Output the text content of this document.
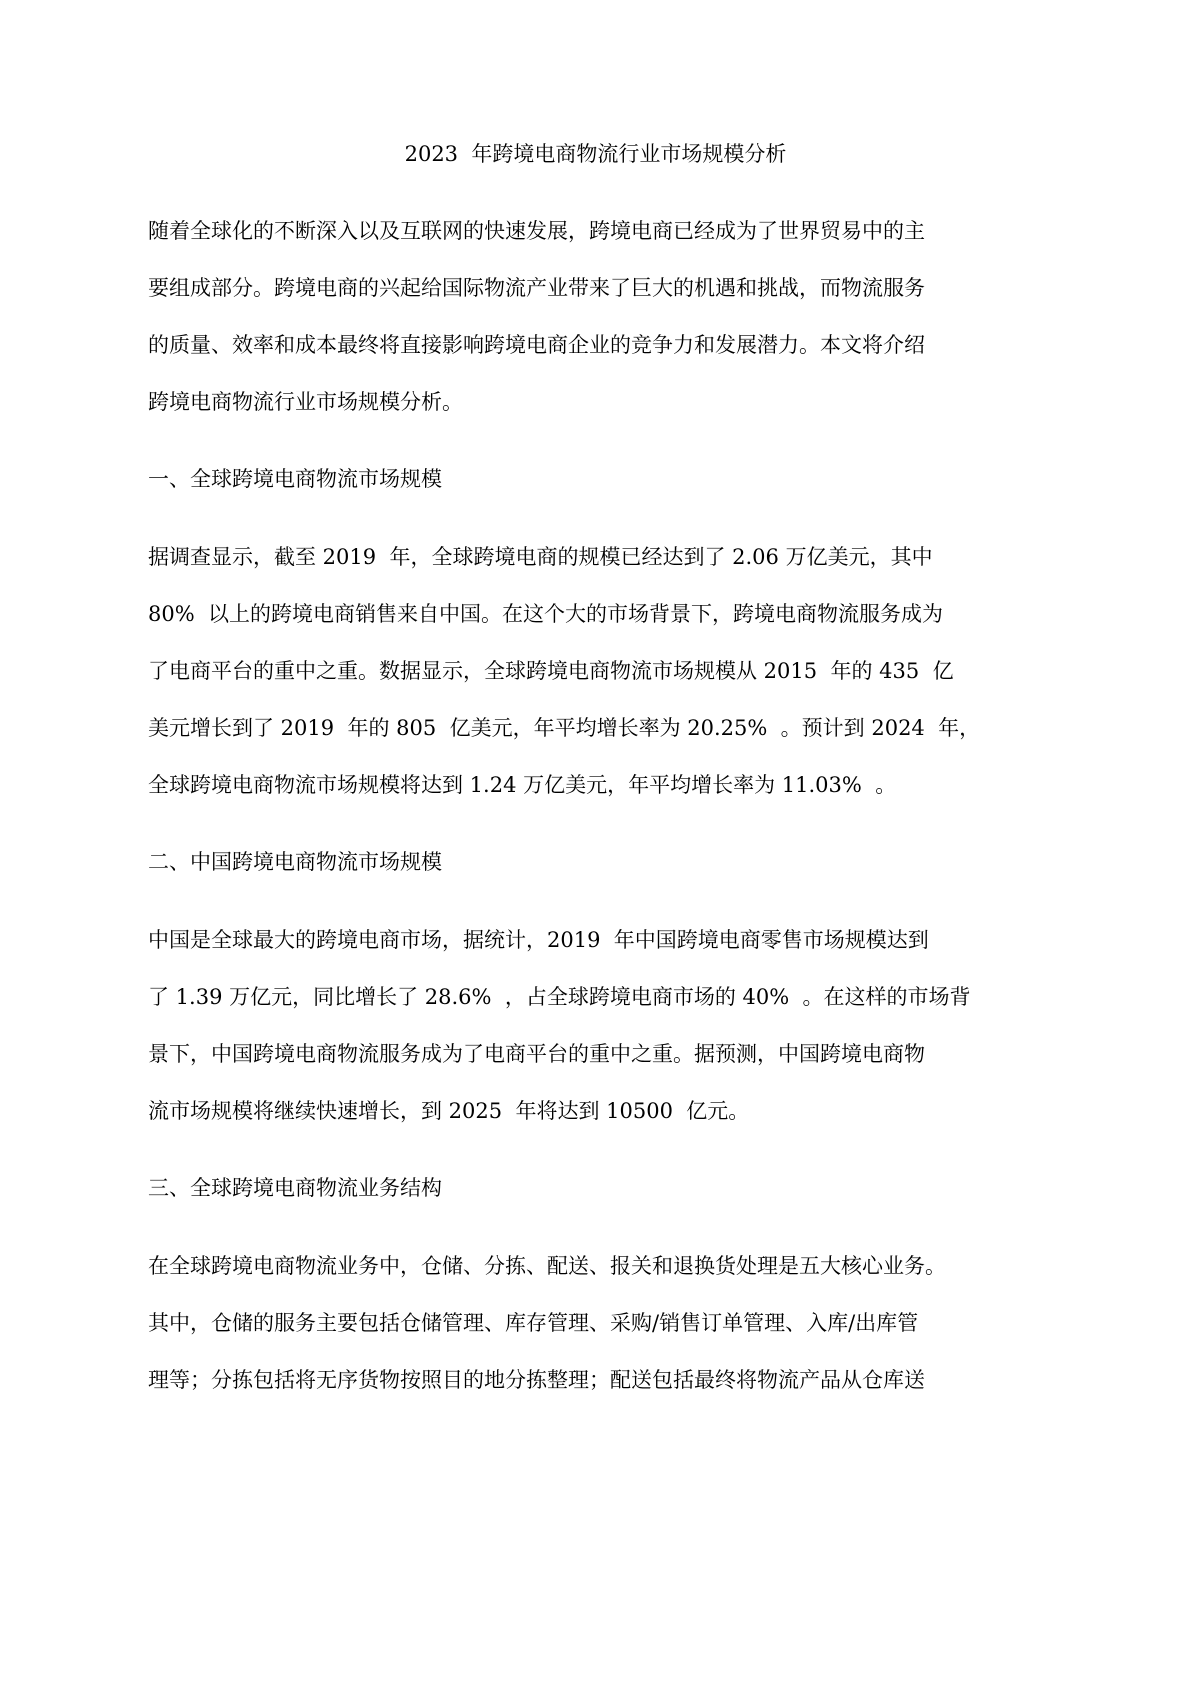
2023  年跨境电商物流行业市场规模分析
随着全球化的不断深入以及互联网的快速发展，跨境电商已经成为了世界贸易中的主
要组成部分。跨境电商的兴起给国际物流产业带来了巨大的机遇和挑战，而物流服务
的质量、效率和成本最终将直接影响跨境电商企业的竞争力和发展潜力。本文将介绍
跨境电商物流行业市场规模分析。
一、全球跨境电商物流市场规模
据调查显示，截至 2019  年，全球跨境电商的规模已经达到了 2.06 万亿美元，其中
80%  以上的跨境电商销售来自中国。在这个大的市场背景下，跨境电商物流服务成为
了电商平台的重中之重。数据显示，全球跨境电商物流市场规模从 2015  年的 435  亿
美元增长到了 2019  年的 805  亿美元，年平均增长率为 20.25%  。预计到 2024  年，
全球跨境电商物流市场规模将达到 1.24 万亿美元，年平均增长率为 11.03%  。
二、中国跨境电商物流市场规模
中国是全球最大的跨境电商市场，据统计，2019  年中国跨境电商零售市场规模达到
了 1.39 万亿元，同比增长了 28.6%  ，占全球跨境电商市场的 40%  。在这样的市场背
景下，中国跨境电商物流服务成为了电商平台的重中之重。据预测，中国跨境电商物
流市场规模将继续快速增长，到 2025  年将达到 10500  亿元。
三、全球跨境电商物流业务结构
在全球跨境电商物流业务中，仓储、分拣、配送、报关和退换货处理是五大核心业务。
其中，仓储的服务主要包括仓储管理、库存管理、采购/销售订单管理、入库/出库管
理等；分拣包括将无序货物按照目的地分拣整理；配送包括最终将物流产品从仓库送
